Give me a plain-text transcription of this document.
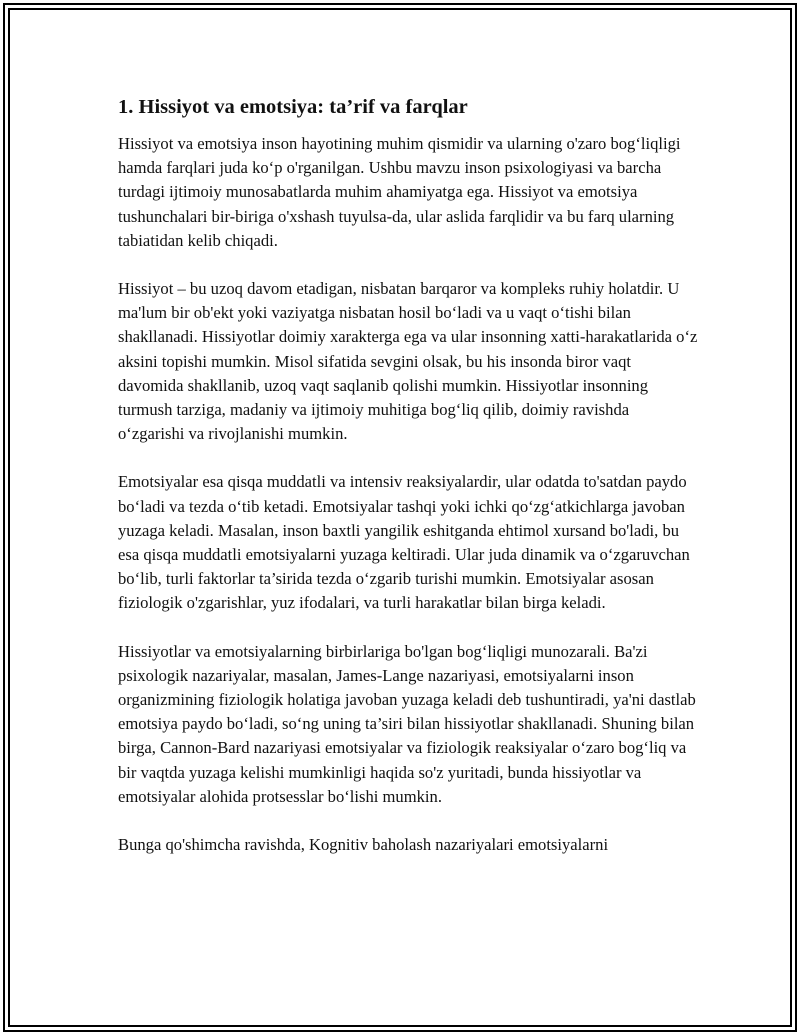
1. Hissiyot va emotsiya: ta’rif va farqlar

Hissiyot va emotsiya inson hayotining muhim qismidir va ularning o'zaro bog‘liqligi hamda farqlari juda ko‘p o'rganilgan. Ushbu mavzu inson psixologiyasi va barcha turdagi ijtimoiy munosabatlarda muhim ahamiyatga ega. Hissiyot va emotsiya tushunchalari bir-biriga o'xshash tuyulsa-da, ular aslida farqlidir va bu farq ularning tabiatidan kelib chiqadi.

Hissiyot – bu uzoq davom etadigan, nisbatan barqaror va kompleks ruhiy holatdir. U ma'lum bir ob'ekt yoki vaziyatga nisbatan hosil bo‘ladi va u vaqt o‘tishi bilan shakllanadi. Hissiyotlar doimiy xarakterga ega va ular insonning xatti-harakatlarida o‘z aksini topishi mumkin. Misol sifatida sevgini olsak, bu his insonda biror vaqt davomida shakllanib, uzoq vaqt saqlanib qolishi mumkin. Hissiyotlar insonning turmush tarziga, madaniy va ijtimoiy muhitiga bog‘liq qilib, doimiy ravishda o‘zgarishi va rivojlanishi mumkin.

Emotsiyalar esa qisqa muddatli va intensiv reaksiyalardir, ular odatda to'satdan paydo bo‘ladi va tezda o‘tib ketadi. Emotsiyalar tashqi yoki ichki qo‘zg‘atkichlarga javoban yuzaga keladi. Masalan, inson baxtli yangilik eshitganda ehtimol xursand bo'ladi, bu esa qisqa muddatli emotsiyalarni yuzaga keltiradi. Ular juda dinamik va o‘zgaruvchan bo‘lib, turli faktorlar ta’sirida tezda o‘zgarib turishi mumkin. Emotsiyalar asosan fiziologik o'zgarishlar, yuz ifodalari, va turli harakatlar bilan birga keladi.

Hissiyotlar va emotsiyalarning birbirlariga bo'lgan bog‘liqligi munozarali. Ba'zi psixologik nazariyalar, masalan, James-Lange nazariyasi, emotsiyalarni inson organizmining fiziologik holatiga javoban yuzaga keladi deb tushuntiradi, ya'ni dastlab emotsiya paydo bo‘ladi, so‘ng uning ta’siri bilan hissiyotlar shakllanadi. Shuning bilan birga, Cannon-Bard nazariyasi emotsiyalar va fiziologik reaksiyalar o‘zaro bog‘liq va bir vaqtda yuzaga kelishi mumkinligi haqida so'z yuritadi, bunda hissiyotlar va emotsiyalar alohida protsesslar bo‘lishi mumkin.

Bunga qo'shimcha ravishda, Kognitiv baholash nazariyalari emotsiyalarni
